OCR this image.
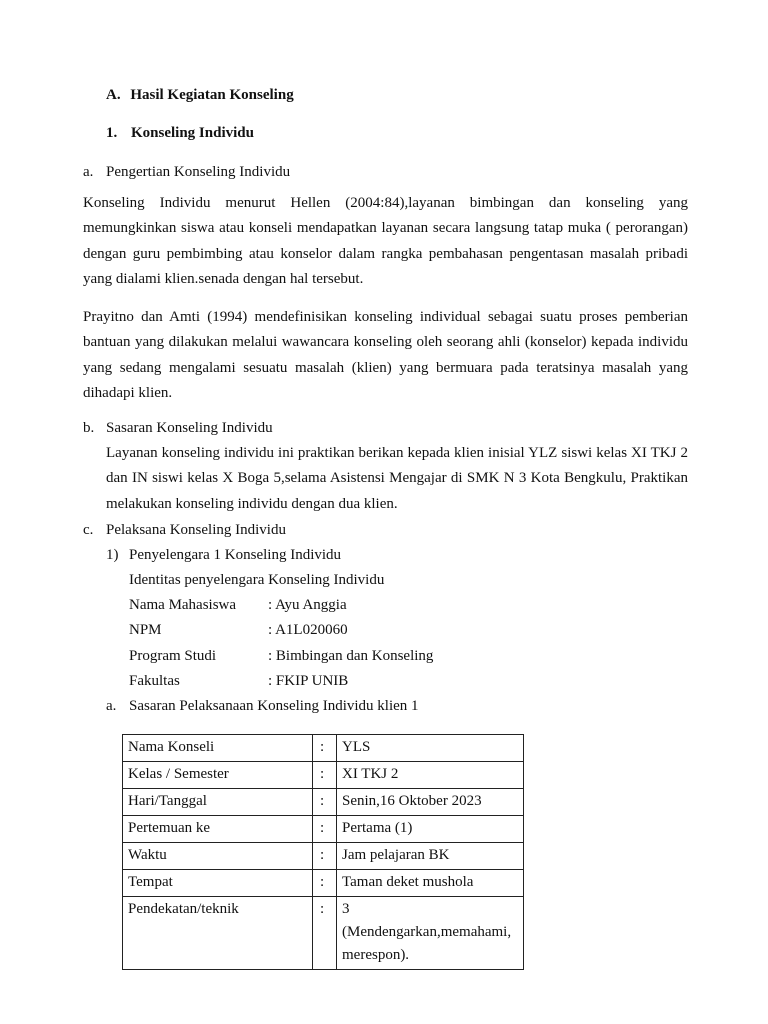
A. Hasil Kegiatan Konseling
1. Konseling Individu
a. Pengertian Konseling Individu
Konseling Individu menurut Hellen (2004:84),layanan bimbingan dan konseling yang memungkinkan siswa atau konseli mendapatkan layanan secara langsung tatap muka ( perorangan) dengan guru pembimbing atau konselor dalam rangka pembahasan pengentasan masalah pribadi yang dialami klien.senada dengan hal tersebut.
Prayitno dan Amti (1994) mendefinisikan konseling individual sebagai suatu proses pemberian bantuan yang dilakukan melalui wawancara konseling oleh seorang ahli (konselor) kepada individu yang sedang mengalami sesuatu masalah (klien) yang bermuara pada teratsinya masalah yang dihadapi klien.
b. Sasaran Konseling Individu
Layanan konseling individu ini praktikan berikan kepada klien inisial YLZ siswi kelas XI TKJ 2 dan IN siswi kelas X Boga 5,selama Asistensi Mengajar di SMK N 3 Kota Bengkulu, Praktikan melakukan konseling individu dengan dua klien.
c. Pelaksana Konseling Individu
1) Penyelengara 1 Konseling Individu
Identitas penyelengara Konseling Individu
Nama Mahasiswa : Ayu Anggia
NPM	: A1L020060
Program Studi	: Bimbingan dan Konseling
Fakultas	: FKIP UNIB
a. Sasaran Pelaksanaan Konseling Individu klien 1
Nama Konseli	:	YLS
Kelas / Semester	:	XI TKJ 2
Hari/Tanggal	:	Senin,16 Oktober 2023
Pertemuan ke	:	Pertama (1)
Waktu	:	Jam pelajaran BK
Tempat	:	Taman deket mushola
Pendekatan/teknik	:	3 (Mendengarkan,memahami, merespon).
